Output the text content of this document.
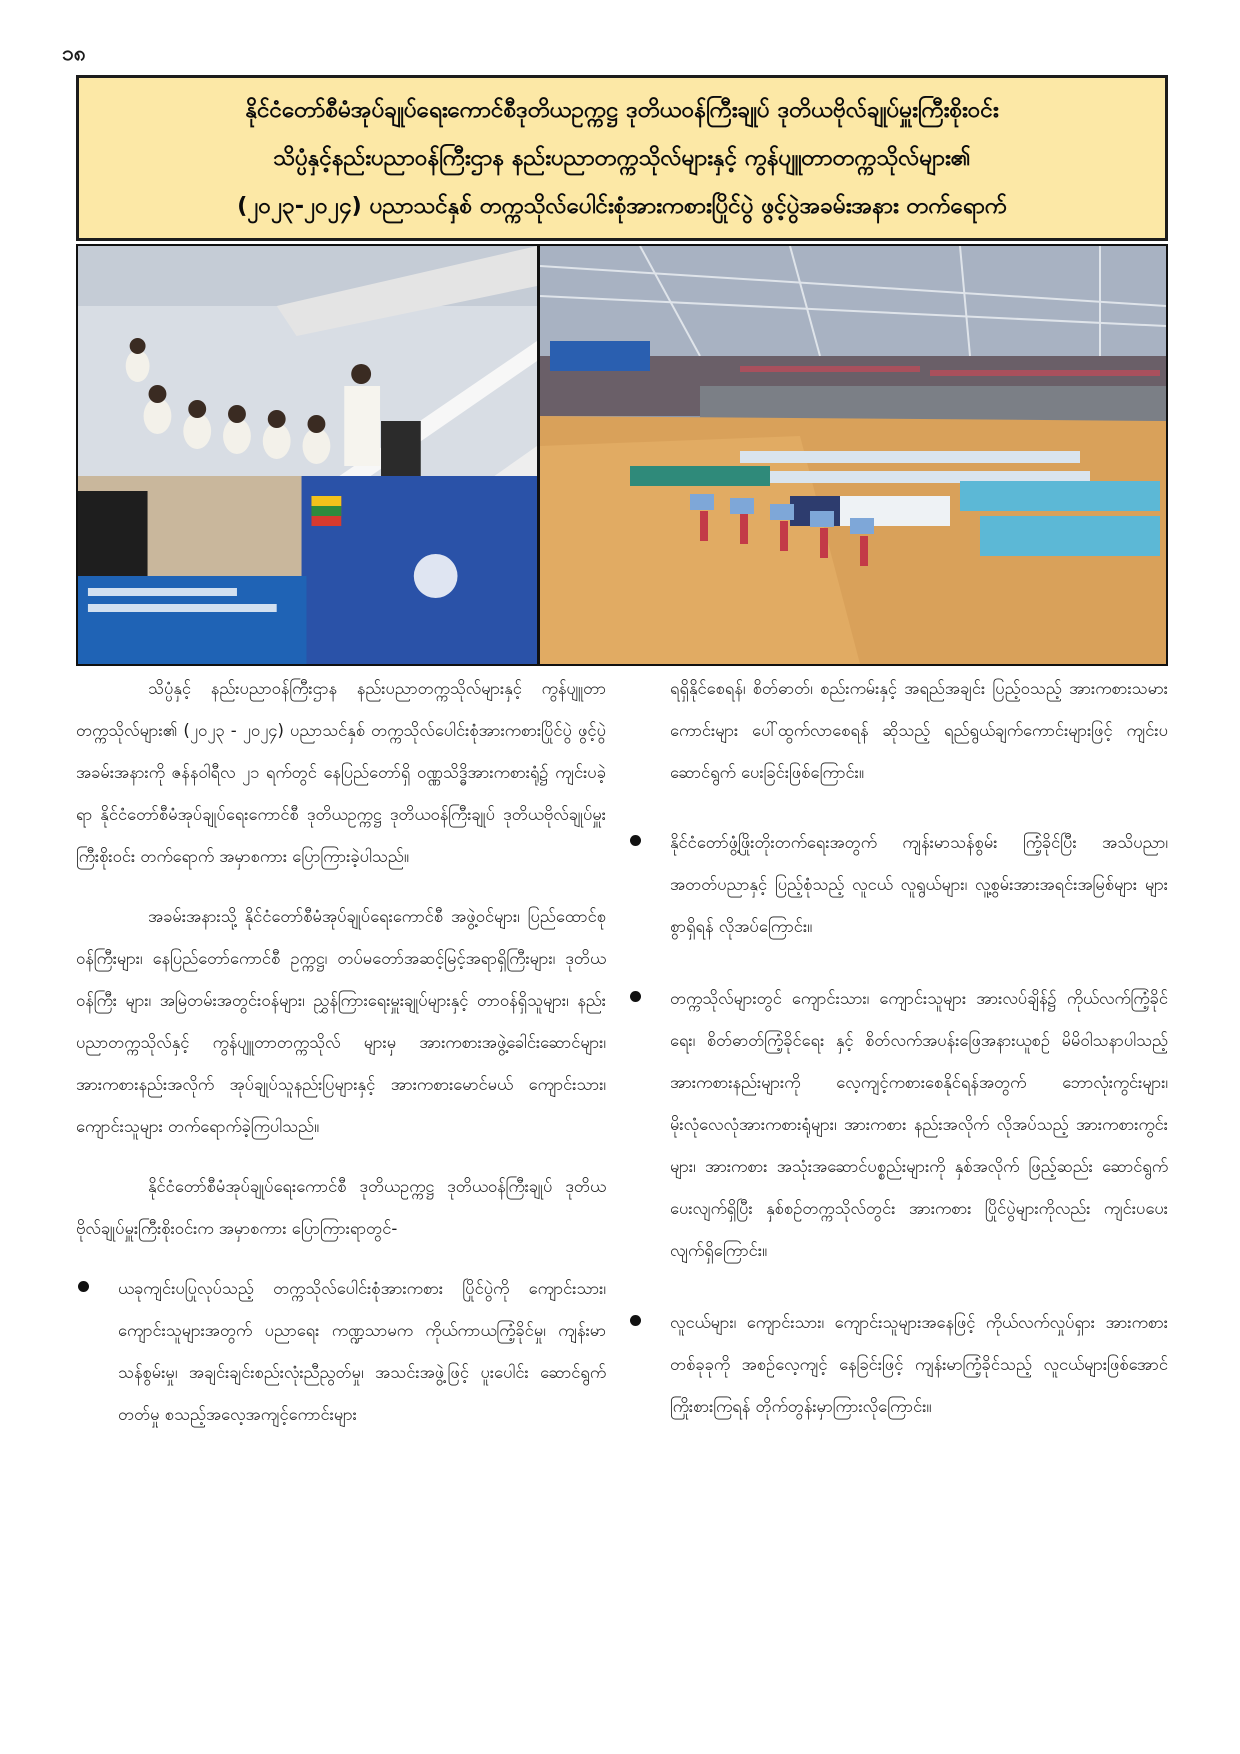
၁၈
နိုင်ငံတော်စီမံအုပ်ချုပ်ရေးကောင်စီဒုတိယဥက္ကဋ္ဌ ဒုတိယဝန်ကြီးချုပ် ဒုတိယဗိုလ်ချုပ်မှူးကြီးစိုးဝင်း
သိပ္ပံနှင့်နည်းပညာဝန်ကြီးဌာန နည်းပညာတက္ကသိုလ်များနှင့် ကွန်ပျူတာတက္ကသိုလ်များ၏
(၂၀၂၃-၂၀၂၄) ပညာသင်နှစ် တက္ကသိုလ်ပေါင်းစုံအားကစားပြိုင်ပွဲ ဖွင့်ပွဲအခမ်းအနား တက်ရောက်

သိပ္ပံနှင့် နည်းပညာဝန်ကြီးဌာန နည်းပညာတက္ကသိုလ်များနှင့် ကွန်ပျူတာ တက္ကသိုလ်များ၏ (၂၀၂၃ - ၂၀၂၄) ပညာသင်နှစ် တက္ကသိုလ်ပေါင်းစုံအားကစားပြိုင်ပွဲ ဖွင့်ပွဲအခမ်းအနားကို ဇန်နဝါရီလ ၂၁ ရက်တွင် နေပြည်တော်ရှိ ဝဏ္ဏသိဒ္ဓိအားကစားရုံ၌ ကျင်းပခဲ့ရာ နိုင်ငံတော်စီမံအုပ်ချုပ်ရေးကောင်စီ ဒုတိယဥက္ကဋ္ဌ ဒုတိယဝန်ကြီးချုပ် ဒုတိယဗိုလ်ချုပ်မှူးကြီးစိုးဝင်း တက်ရောက် အမှာစကား ပြောကြားခဲ့ပါသည်။

အခမ်းအနားသို့ နိုင်ငံတော်စီမံအုပ်ချုပ်ရေးကောင်စီ အဖွဲ့ဝင်များ၊ ပြည်ထောင်စုဝန်ကြီးများ၊ နေပြည်တော်ကောင်စီ ဥက္ကဋ္ဌ၊ တပ်မတော်အဆင့်မြင့်အရာရှိကြီးများ၊ ဒုတိယဝန်ကြီး များ၊ အမြဲတမ်းအတွင်းဝန်များ၊ ညွှန်ကြားရေးမှူးချုပ်များနှင့် တာဝန်ရှိသူများ၊ နည်းပညာတက္ကသိုလ်နှင့် ကွန်ပျူတာတက္ကသိုလ် များမှ အားကစားအဖွဲ့ခေါင်းဆောင်များ၊ အားကစားနည်းအလိုက် အုပ်ချုပ်သူနည်းပြများနှင့် အားကစားမောင်မယ် ကျောင်းသား၊ ကျောင်းသူများ တက်ရောက်ခဲ့ကြပါသည်။

နိုင်ငံတော်စီမံအုပ်ချုပ်ရေးကောင်စီ ဒုတိယဥက္ကဋ္ဌ ဒုတိယဝန်ကြီးချုပ် ဒုတိယဗိုလ်ချုပ်မှူးကြီးစိုးဝင်းက အမှာစကား ပြောကြားရာတွင်-

ယခုကျင်းပပြုလုပ်သည့် တက္ကသိုလ်ပေါင်းစုံအားကစား ပြိုင်ပွဲကို ကျောင်းသား၊ ကျောင်းသူများအတွက် ပညာရေး ကဏ္ဍသာမက ကိုယ်ကာယကြံ့ခိုင်မှု၊ ကျန်းမာသန်စွမ်းမှု၊ အချင်းချင်းစည်းလုံးညီညွတ်မှု၊ အသင်းအဖွဲ့ဖြင့် ပူးပေါင်း ဆောင်ရွက်တတ်မှု စသည့်အလေ့အကျင့်ကောင်းများ

ရရှိနိုင်စေရန်၊ စိတ်ဓာတ်၊ စည်းကမ်းနှင့် အရည်အချင်း ပြည့်ဝသည့် အားကစားသမားကောင်းများ ပေါ်ထွက်လာစေရန် ဆိုသည့် ရည်ရွယ်ချက်ကောင်းများဖြင့် ကျင်းပဆောင်ရွက် ပေးခြင်းဖြစ်ကြောင်း။

နိုင်ငံတော်ဖွံ့ဖြိုးတိုးတက်ရေးအတွက် ကျန်းမာသန်စွမ်း ကြံ့ခိုင်ပြီး အသိပညာ၊ အတတ်ပညာနှင့် ပြည့်စုံသည့် လူငယ် လူရွယ်များ၊ လူ့စွမ်းအားအရင်းအမြစ်များ များစွာရှိရန် လိုအပ်ကြောင်း။
တက္ကသိုလ်များတွင် ကျောင်းသား၊ ကျောင်းသူများ အားလပ်ချိန်၌ ကိုယ်လက်ကြံ့ခိုင်ရေး၊ စိတ်ဓာတ်ကြံ့ခိုင်ရေး နှင့် စိတ်လက်အပန်းဖြေအနားယူစဉ် မိမိဝါသနာပါသည့် အားကစားနည်းများကို လေ့ကျင့်ကစားစေနိုင်ရန်အတွက် ဘောလုံးကွင်းများ၊ မိုးလုံလေလုံအားကစားရုံများ၊ အားကစား နည်းအလိုက် လိုအပ်သည့် အားကစားကွင်းများ၊ အားကစား အသုံးအဆောင်ပစ္စည်းများကို နှစ်အလိုက် ဖြည့်ဆည်း ဆောင်ရွက်ပေးလျက်ရှိပြီး နှစ်စဉ်တက္ကသိုလ်တွင်း အားကစား ပြိုင်ပွဲများကိုလည်း ကျင်းပပေးလျက်ရှိကြောင်း။
လူငယ်များ၊ ကျောင်းသား၊ ကျောင်းသူများအနေဖြင့် ကိုယ်လက်လှုပ်ရှား အားကစားတစ်ခုခုကို အစဉ်လေ့ကျင့် နေခြင်းဖြင့် ကျန်းမာကြံ့ခိုင်သည့် လူငယ်များဖြစ်အောင် ကြိုးစားကြရန် တိုက်တွန်းမှာကြားလိုကြောင်း။
